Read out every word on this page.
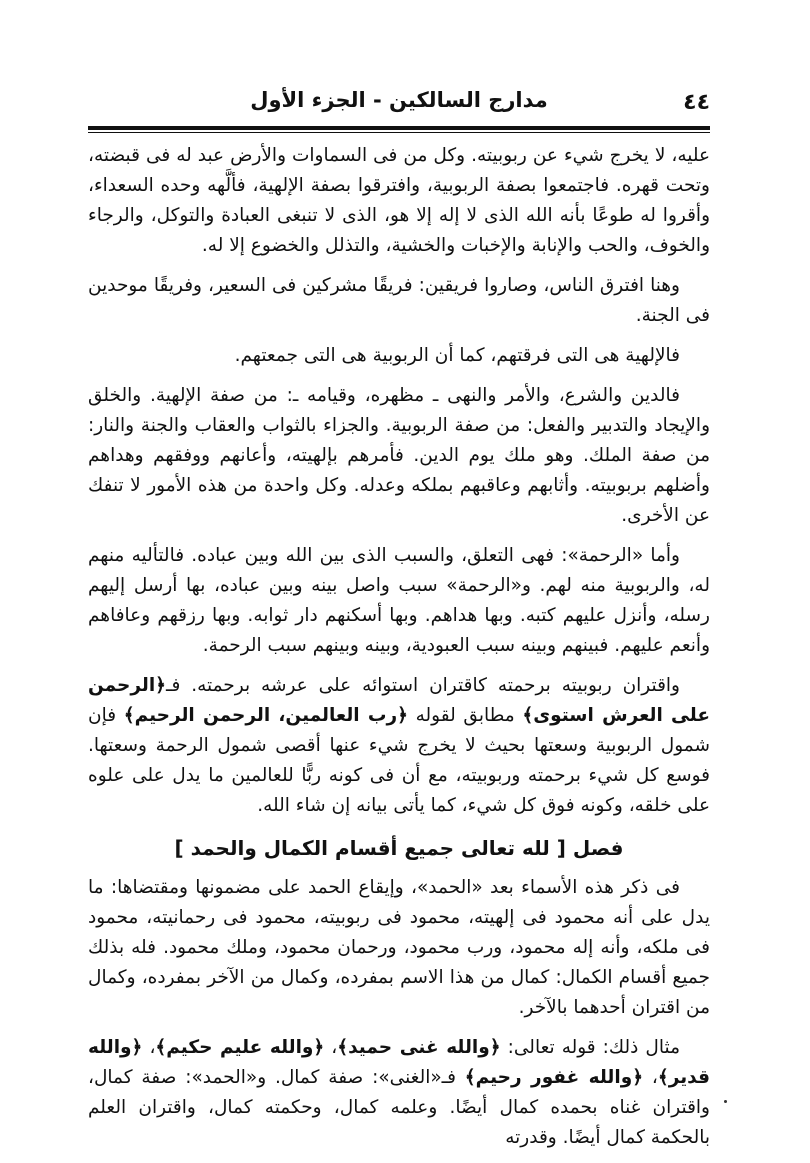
٤٤
مدارج السالكين - الجزء الأول

عليه، لا يخرج شيء عن ربوبيته. وكل من فى السماوات والأرض عبد له فى قبضته، وتحت قهره. فاجتمعوا بصفة الربوبية، وافترقوا بصفة الإلهية، فألَّهه وحده السعداء، وأقروا له طوعًا بأنه الله الذى لا إله إلا هو، الذى لا تنبغى العبادة والتوكل، والرجاء والخوف، والحب والإنابة والإخبات والخشية، والتذلل والخضوع إلا له.

وهنا افترق الناس، وصاروا فريقين: فريقًا مشركين فى السعير، وفريقًا موحدين فى الجنة.

فالإلهية هى التى فرقتهم، كما أن الربوبية هى التى جمعتهم.

فالدين والشرع، والأمر والنهى ـ مظهره، وقيامه ـ: من صفة الإلهية. والخلق والإيجاد والتدبير والفعل: من صفة الربوبية. والجزاء بالثواب والعقاب والجنة والنار: من صفة الملك. وهو ملك يوم الدين. فأمرهم بإلهيته، وأعانهم ووفقهم وهداهم وأضلهم بربوبيته. وأثابهم وعاقبهم بملكه وعدله. وكل واحدة من هذه الأمور لا تنفك عن الأخرى.

وأما «الرحمة»: فهى التعلق، والسبب الذى بين الله وبين عباده. فالتأليه منهم له، والربوبية منه لهم. و«الرحمة» سبب واصل بينه وبين عباده، بها أرسل إليهم رسله، وأنزل عليهم كتبه. وبها هداهم. وبها أسكنهم دار ثوابه. وبها رزقهم وعافاهم وأنعم عليهم. فبينهم وبينه سبب العبودية، وبينه وبينهم سبب الرحمة.

واقتران ربوبيته برحمته كاقتران استوائه على عرشه برحمته. فـ﴿الرحمن على العرش استوى﴾ مطابق لقوله ﴿رب العالمين، الرحمن الرحيم﴾ فإن شمول الربوبية وسعتها بحيث لا يخرج شيء عنها أقصى شمول الرحمة وسعتها. فوسع كل شيء برحمته وربوبيته، مع أن فى كونه ربًّا للعالمين ما يدل على علوه على خلقه، وكونه فوق كل شيء، كما يأتى بيانه إن شاء الله.

فصل [ لله تعالى جميع أقسام الكمال والحمد ]

فى ذكر هذه الأسماء بعد «الحمد»، وإيقاع الحمد على مضمونها ومقتضاها: ما يدل على أنه محمود فى إلهيته، محمود فى ربوبيته، محمود فى رحمانيته، محمود فى ملكه، وأنه إله محمود، ورب محمود، ورحمان محمود، وملك محمود. فله بذلك جميع أقسام الكمال: كمال من هذا الاسم بمفرده، وكمال من الآخر بمفرده، وكمال من اقتران أحدهما بالآخر.

مثال ذلك: قوله تعالى: ﴿والله غنى حميد﴾، ﴿والله عليم حكيم﴾، ﴿والله قدير﴾، ﴿والله غفور رحيم﴾ فـ«الغنى»: صفة كمال. و«الحمد»: صفة كمال، واقتران غناه بحمده كمال أيضًا. وعلمه كمال، وحكمته كمال، واقتران العلم بالحكمة كمال أيضًا. وقدرته
